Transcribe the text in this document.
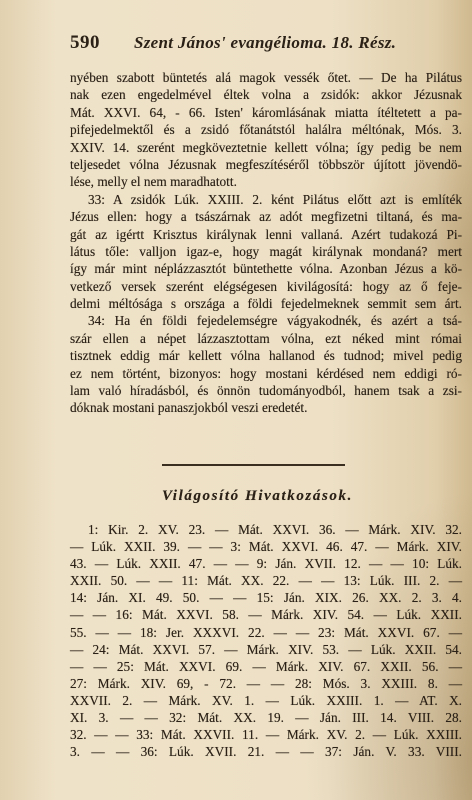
590 Szent János' evangélioma. 18. Rész.
nyében szabott büntetés alá magok vessék őtet. — De ha Pilátus
nak ezen engedelmével éltek volna a zsidók: akkor Jézusnak
Mát. XXVI. 64, - 66. Isten' káromlásának miatta ítéltetett a pa-
pifejedelmektől és a zsidó főtanátstól halálra méltónak, Mós. 3.
XXIV. 14. szerént megköveztetnie kellett vólna; így pedig be nem
teljesedet vólna Jézusnak megfeszítéséről többször újított jövendö-
lése, melly el nem maradhatott.
33: A zsidók Lúk. XXIII. 2. ként Pilátus előtt azt is említék
Jézus ellen: hogy a tsászárnak az adót megfizetni tiltaná, és ma-
gát az igértt Krisztus királynak lenni vallaná. Azért tudakozá Pi-
látus tőle: valljon igaz-e, hogy magát királynak mondaná? mert
így már mint néplázzasztót büntethette vólna. Azonban Jézus a kö-
vetkező versek szerént elégségesen kivilágosítá: hogy az ő feje-
delmi méltósága s országa a földi fejedelmeknek semmit sem árt.
34: Ha én földi fejedelemségre vágyakodnék, és azért a tsá-
szár ellen a népet lázzasztottam vólna, ezt néked mint római
tisztnek eddig már kellett vólna hallanod és tudnod; mivel pedig
ez nem történt, bizonyos: hogy mostani kérdésed nem eddigi ró-
lam való híradásból, és önnön tudományodból, hanem tsak a zsi-
dóknak mostani panaszjokból veszi eredetét.
Világosító Hivatkozások.
1: Kir. 2. XV. 23. — Mát. XXVI. 36. — Márk. XIV. 32.
— Lúk. XXII. 39. — — 3: Mát. XXVI. 46. 47. — Márk. XIV.
43. — Lúk. XXII. 47. — — 9: Ján. XVII. 12. — — 10: Lúk.
XXII. 50. — — 11: Mát. XX. 22. — — 13: Lúk. III. 2. —
14: Ján. XI. 49. 50. — — 15: Ján. XIX. 26. XX. 2. 3. 4.
— — 16: Mát. XXVI. 58. — Márk. XIV. 54. — Lúk. XXII.
55. — — 18: Jer. XXXVI. 22. — — 23: Mát. XXVI. 67. —
— 24: Mát. XXVI. 57. — Márk. XIV. 53. — Lúk. XXII. 54.
— — 25: Mát. XXVI. 69. — Márk. XIV. 67. XXII. 56. —
27: Márk. XIV. 69, - 72. — — 28: Mós. 3. XXIII. 8. —
XXVII. 2. — Márk. XV. 1. — Lúk. XXIII. 1. — AT. X.
XI. 3. — — 32: Mát. XX. 19. — Ján. III. 14. VIII. 28.
32. — — 33: Mát. XXVII. 11. — Márk. XV. 2. — Lúk. XXIII.
3. — — 36: Lúk. XVII. 21. — — 37: Ján. V. 33. VIII.
